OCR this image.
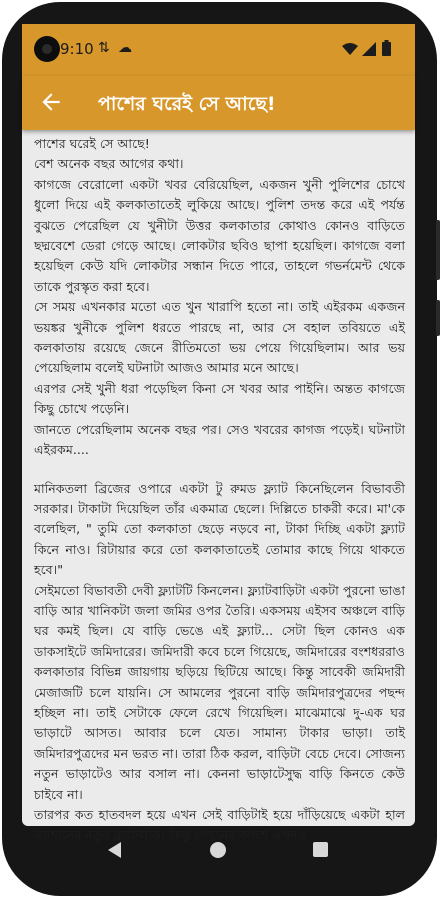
9:10 ⇅ ☁
পাশের ঘরেই সে আছে!

পাশের ঘরেই সে আছে!

বেশ অনেক বছর আগের কথা।

কাগজে বেরোলো একটা খবর বেরিয়েছিল, একজন খুনী পুলিশের চোখে ধুলো দিয়ে এই কলকাতাতেই লুকিয়ে আছে। পুলিশ তদন্ত করে এই পর্যন্ত বুঝতে পেরেছিল যে খুনীটা উত্তর কলকাতার কোথাও কোনও বাড়িতে ছদ্মবেশে ডেরা গেড়ে আছে। লোকটার ছবিও ছাপা হয়েছিল। কাগজে বলা হয়েছিল কেউ যদি লোকটার সন্ধান দিতে পারে, তাহলে গভর্নমেন্ট থেকে তাকে পুরস্কৃত করা হবে।

সে সময় এখনকার মতো এত খুন খারাপি হতো না। তাই এইরকম একজন ভয়ঙ্কর খুনীকে পুলিশ ধরতে পারছে না, আর সে বহাল তবিয়তে এই কলকাতায় রয়েছে জেনে রীতিমতো ভয় পেয়ে গিয়েছিলাম। আর ভয় পেয়েছিলাম বলেই ঘটনাটা আজও আমার মনে আছে।

এরপর সেই খুনী ধরা পড়েছিল কিনা সে খবর আর পাইনি। অন্তত কাগজে কিছু চোখে পড়েনি।

জানতে পেরেছিলাম অনেক বছর পর। সেও খবরের কাগজ পড়েই। ঘটনাটা এইরকম....

মানিকতলা ব্রিজের ওপারে একটা টু রুমড ফ্ল্যাট কিনেছিলেন বিভাবতী সরকার। টাকাটা দিয়েছিল তাঁর একমাত্র ছেলে। দিল্লিতে চাকরী করে। মা'কে বলেছিল, " তুমি তো কলকাতা ছেড়ে নড়বে না, টাকা দিচ্ছি একটা ফ্ল্যাট কিনে নাও। রিটায়ার করে তো কলকাতাতেই তোমার কাছে গিয়ে থাকতে হবে।"

সেইমতো বিভাবতী দেবী ফ্ল্যাটটি কিনলেন। ফ্ল্যাটবাড়িটা একটা পুরনো ভাঙা বাড়ি আর খানিকটা জলা জমির ওপর তৈরি। একসময় এইসব অঞ্চলে বাড়ি ঘর কমই ছিল। যে বাড়ি ভেঙে এই ফ্ল্যাট... সেটা ছিল কোনও এক ডাকসাইটে জমিদারের। জমিদারী কবে চলে গিয়েছে, জমিদারের বংশধররাও কলকাতার বিভিন্ন জায়গায় ছড়িয়ে ছিটিয়ে আছে। কিন্তু সাবেকী জমিদারী মেজাজটি চলে যায়নি। সে আমলের পুরনো বাড়ি জমিদারপুত্রদের পছন্দ হচ্ছিল না। তাই সেটাকে ফেলে রেখে গিয়েছিল। মাঝেমাঝে দু-এক ঘর ভাড়াটে আসত। আবার চলে যেত। সামান্য টাকার ভাড়া। তাই জমিদারপুত্রদের মন ভরত না। তারা ঠিক করল, বাড়িটা বেচে দেবে। সোজন্য নতুন ভাড়াটেও আর বসাল না। কেননা ভাড়াটেসুদ্ধ বাড়ি কিনতে কেউ চাইবে না।

তারপর কত হাতবদল হয়ে এখন সেই বাড়িটাই হয়ে দাঁড়িয়েছে একটা হাল ফ্যাশানের নতুন ফ্ল্যাটবাড়ি। কিন্তু পেছনের অংশে এখনও
